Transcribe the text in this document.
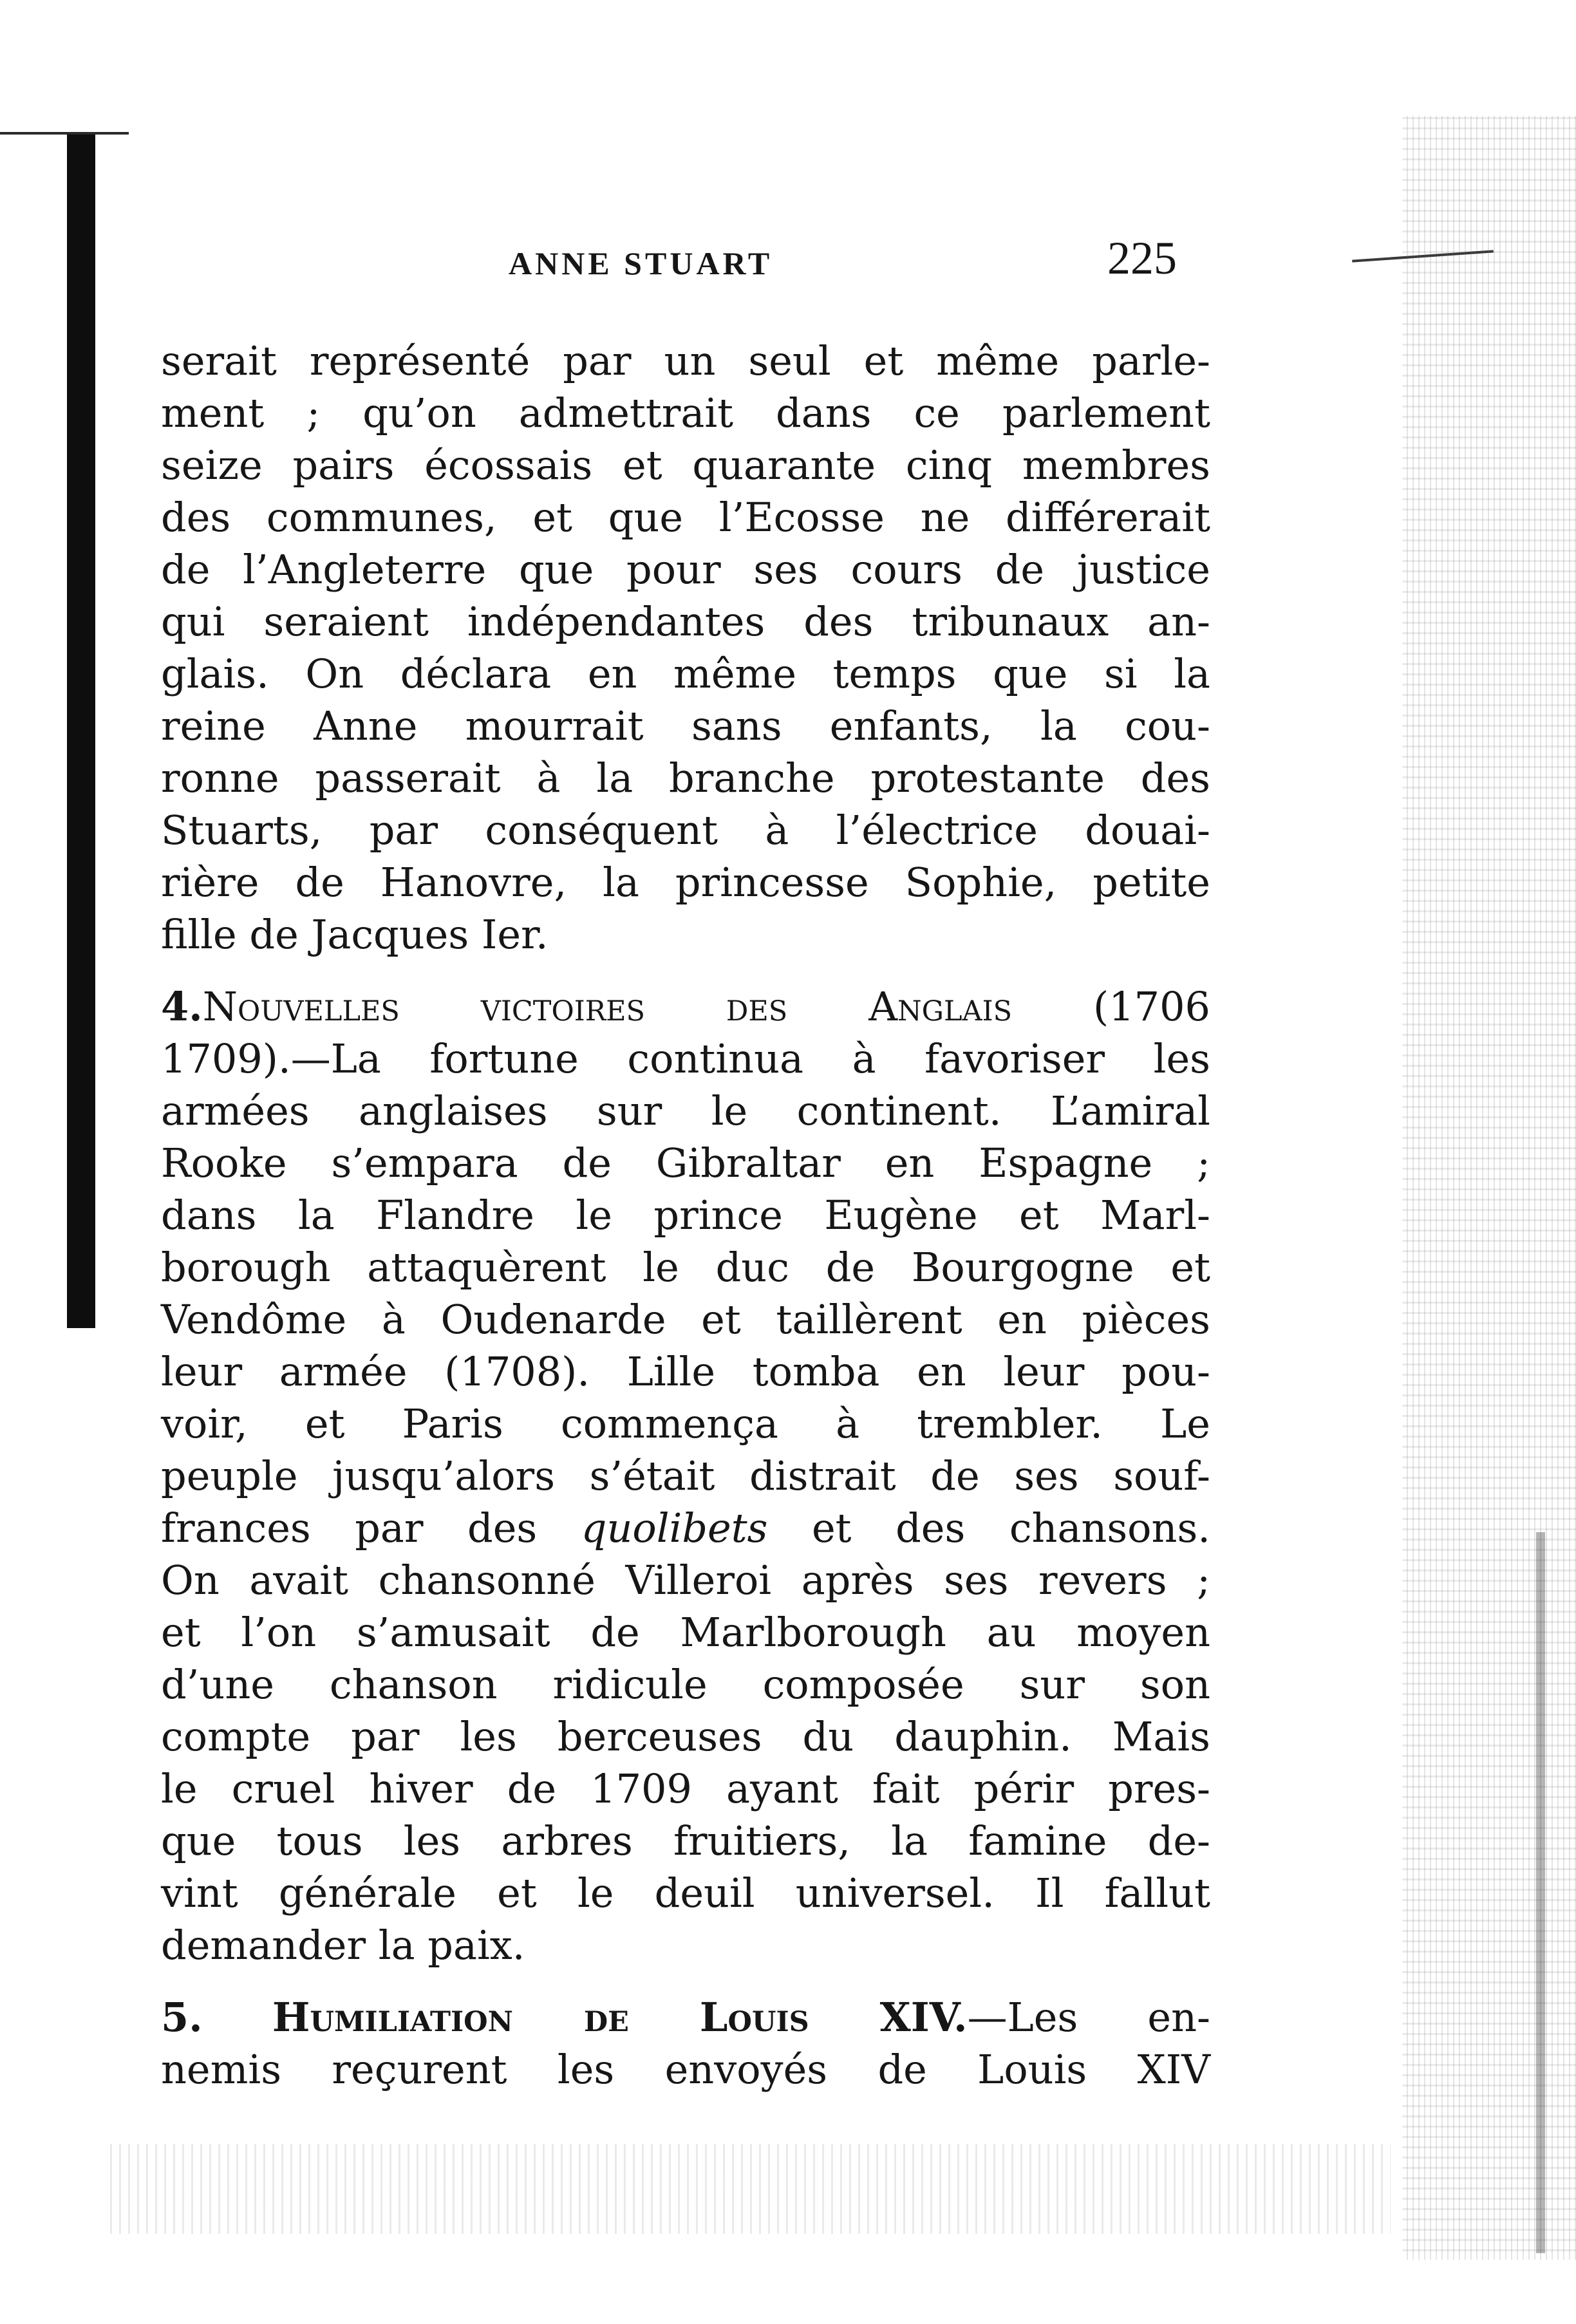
ANNE STUART	225
serait représenté par un seul et même parle-
ment ; qu’on admettrait dans ce parlement
seize pairs écossais et quarante cinq membres
des communes, et que l’Ecosse ne différerait
de l’Angleterre que pour ses cours de justice
qui seraient indépendantes des tribunaux an-
glais. On déclara en même temps que si la
reine Anne mourrait sans enfants, la cou-
ronne passerait à la branche protestante des
Stuarts, par conséquent à l’électrice douai-
rière de Hanovre, la princesse Sophie, petite
fille de Jacques Ier.
4.Nouvelles victoires des Anglais (1706
1709).—La fortune continua à favoriser les
armées anglaises sur le continent. L’amiral
Rooke s’empara de Gibraltar en Espagne ;
dans la Flandre le prince Eugène et Marl-
borough attaquèrent le duc de Bourgogne et
Vendôme à Oudenarde et taillèrent en pièces
leur armée (1708). Lille tomba en leur pou-
voir, et Paris commença à trembler. Le
peuple jusqu’alors s’était distrait de ses souf-
frances par des quolibets et des chansons.
On avait chansonné Villeroi après ses revers ;
et l’on s’amusait de Marlborough au moyen
d’une chanson ridicule composée sur son
compte par les berceuses du dauphin. Mais
le cruel hiver de 1709 ayant fait périr pres-
que tous les arbres fruitiers, la famine de-
vint générale et le deuil universel. Il fallut
demander la paix.
5. Humiliation de Louis XIV.—Les en-
nemis reçurent les envoyés de Louis XIV
